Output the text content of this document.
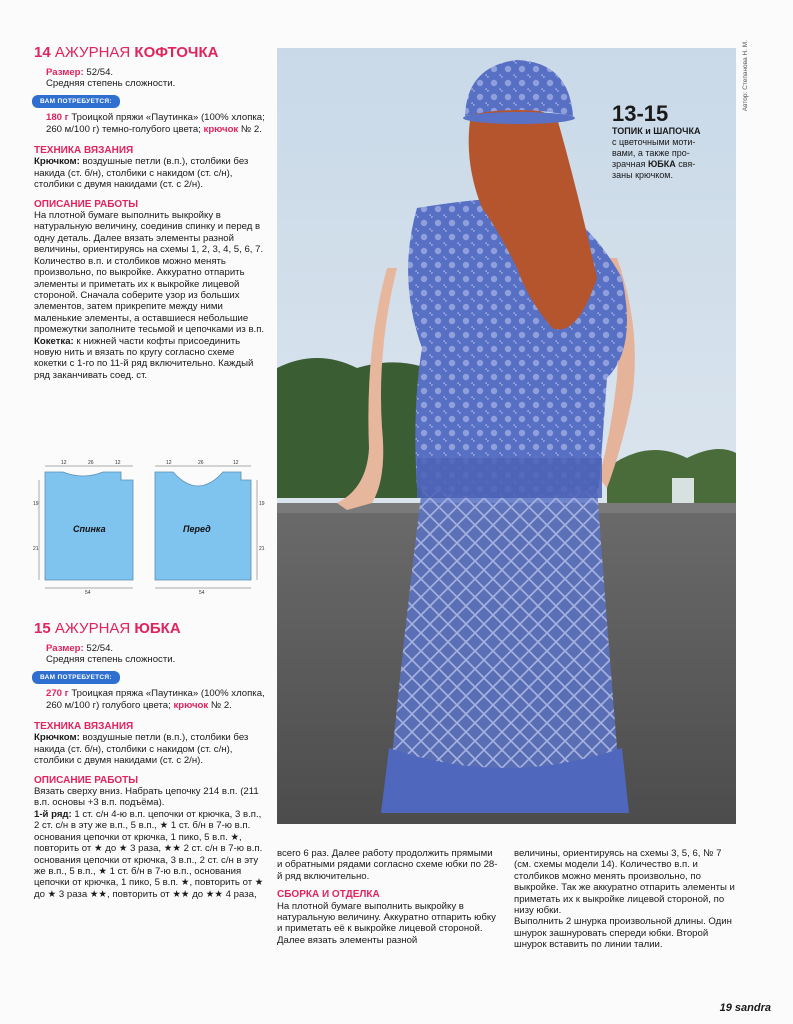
14 АЖУРНАЯ КОФТОЧКА

Размер: 52/54.

Средняя степень сложности.

ВАМ ПОТРЕБУЕТСЯ:

180 г Троицкой пряжи «Паутинка» (100% хлопка; 260 м/100 г) темно-голубого цвета; крючок № 2.

ТЕХНИКА ВЯЗАНИЯ

Крючком: воздушные петли (в.п.), столбики без накида (ст. б/н), столбики с накидом (ст. с/н), столбики с двумя накидами (ст. с 2/н).

ОПИСАНИЕ РАБОТЫ

На плотной бумаге выполнить выкройку в натуральную величину, соединив спинку и перед в одну деталь. Далее вязать элементы разной величины, ориентируясь на схемы 1, 2, 3, 4, 5, 6, 7. Количество в.п. и столбиков можно менять произвольно, по выкройке. Аккуратно отпарить элементы и приметать их к выкройке лицевой стороной. Сначала соберите узор из больших элементов, затем прикрепите между ними маленькие элементы, а оставшиеся небольшие промежутки заполните тесьмой и цепочками из в.п.

Кокетка: к нижней части кофты присоединить новую нить и вязать по кругу согласно схеме кокетки с 1-го по 11-й ряд включительно. Каждый ряд заканчивать соед. ст.

12	26	12	12	26	12
19
21
54	54
21
19
Спинка	Перед
15 АЖУРНАЯ ЮБКА

Размер: 52/54.

Средняя степень сложности.

ВАМ ПОТРЕБУЕТСЯ:

270 г Троицкая пряжа «Паутинка» (100% хлопка, 260 м/100 г) голубого цвета; крючок № 2.

ТЕХНИКА ВЯЗАНИЯ

Крючком: воздушные петли (в.п.), столбики без накида (ст. б/н), столбики с накидом (ст. с/н), столбики с двумя накидами (ст. с 2/н).

ОПИСАНИЕ РАБОТЫ

Вязать сверху вниз. Набрать цепочку 214 в.п. (211 в.п. основы +3 в.п. подъёма).

1-й ряд: 1 ст. с/н 4-ю в.п. цепочки от крючка, 3 в.п., 2 ст. с/н в эту же в.п., 5 в.п., ★ 1 ст. б/н в 7-ю в.п. основания цепочки от крючка, 1 пико, 5 в.п. ★, повторить от ★ до ★ 3 раза, ★★ 2 ст. с/н в 7-ю в.п. основания цепочки от крючка, 3 в.п., 2 ст. с/н в эту же в.п., 5 в.п., ★ 1 ст. б/н в 7-ю в.п., основания цепочки от крючка, 1 пико, 5 в.п. ★, повторить от ★ до ★ 3 раза ★★, повторить от ★★ до ★★ 4 раза,

13-15
ТОПИК и ШАПОЧКА
с цветочными моти-
вами, а также про-
зрачная ЮБКА свя-
заны крючком.
Автор: Степанова Н. М.

всего 6 раз. Далее работу продолжить прямыми и обратными рядами согласно схеме юбки по 28-й ряд включительно.

СБОРКА И ОТДЕЛКА

На плотной бумаге выполнить выкройку в натуральную величину. Аккуратно отпарить юбку и приметать её к выкройке лицевой стороной. Далее вязать элементы разной

величины, ориентируясь на схемы 3, 5, 6, № 7 (см. схемы модели 14). Количество в.п. и столбиков можно менять произвольно, по выкройке. Так же аккуратно отпарить элементы и приметать их к выкройке лицевой стороной, по низу юбки.

Выполнить 2 шнурка произвольной длины. Один шнурок зашнуровать спереди юбки. Второй шнурок вставить по линии талии.

19 sandra
